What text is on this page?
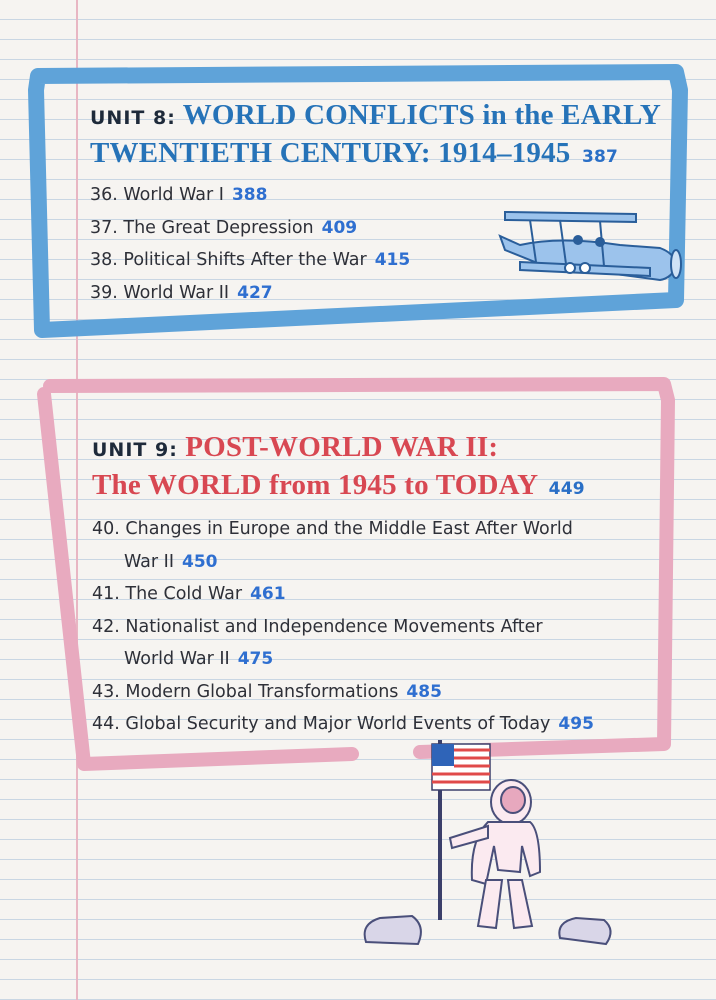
UNIT 8: WORLD CONFLICTS in the EARLY
TWENTIETH CENTURY: 1914–1945 387
36. World War I 388
37. The Great Depression 409
38. Political Shifts After the War 415
39. World War II 427
UNIT 9: POST-WORLD WAR II:
The WORLD from 1945 to TODAY 449
40. Changes in Europe and the Middle East After World
War II 450
41. The Cold War 461
42. Nationalist and Independence Movements After
World War II 475
43. Modern Global Transformations 485
44. Global Security and Major World Events of Today 495
